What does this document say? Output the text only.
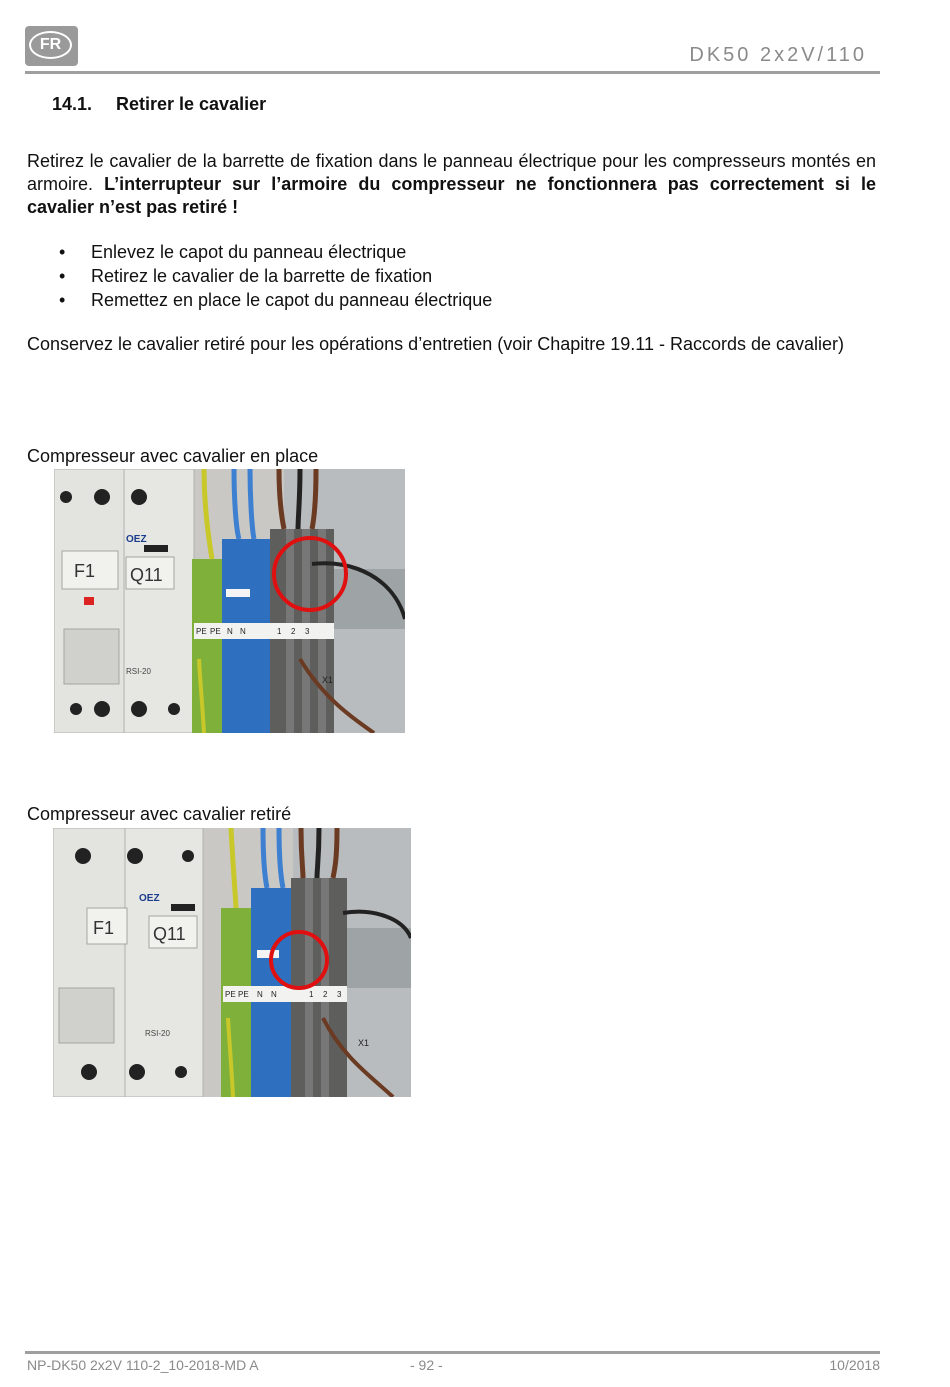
FR	DK50 2x2V/110
14.1. Retirer le cavalier
Retirez le cavalier de la barrette de fixation dans le panneau électrique pour les compresseurs montés en armoire. L’interrupteur sur l’armoire du compresseur ne fonctionnera pas correctement si le cavalier n’est pas retiré !
• Enlevez le capot du panneau électrique
• Retirez le cavalier de la barrette de fixation
• Remettez en place le capot du panneau électrique
Conservez le cavalier retiré pour les opérations d’entretien (voir Chapitre 19.11 - Raccords de cavalier)
Compresseur avec cavalier en place
F1 Q11
OEZ
RSI-20
PE PE N N	1 2 3
X1
Compresseur avec cavalier retiré
F1 Q11
OEZ
RSI-20
PE PE N N	1 2 3
X1
NP-DK50 2x2V 110-2_10-2018-MD A	- 92 -	10/2018
